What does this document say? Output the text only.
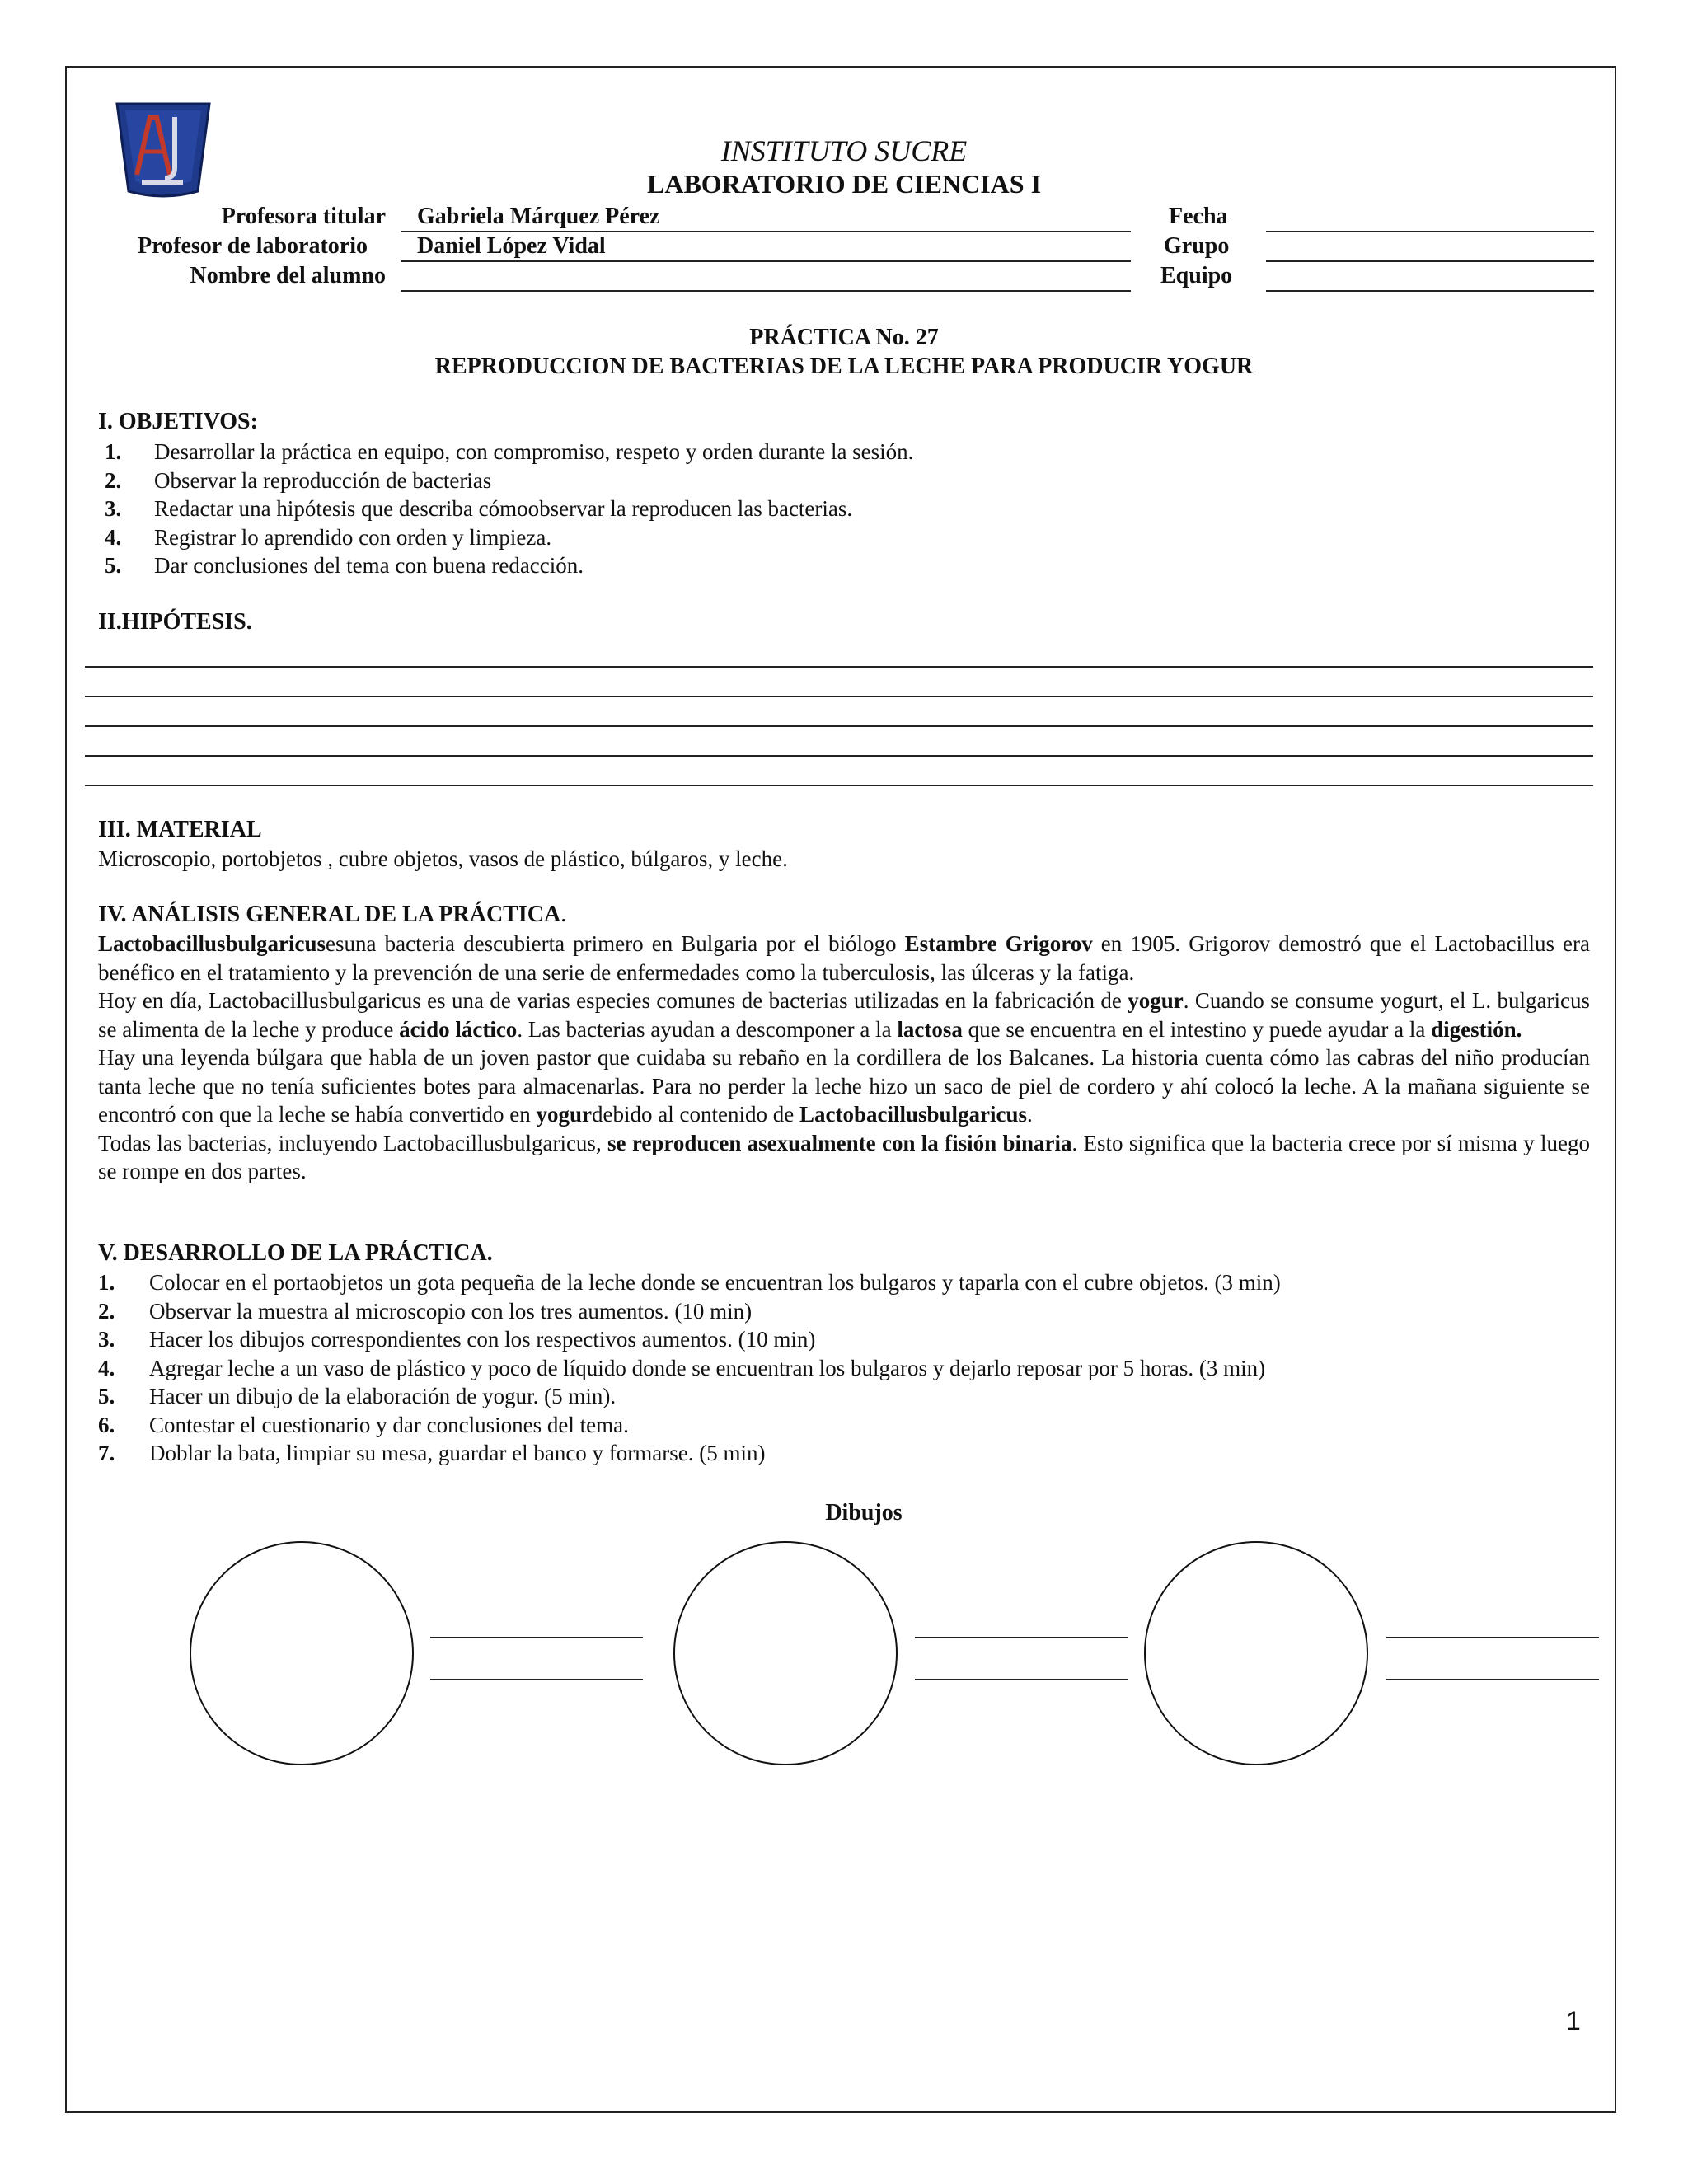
INSTITUTO SUCRE
LABORATORIO DE CIENCIAS I
Profesora titular Gabriela Márquez Pérez
Profesor de laboratorio Daniel López Vidal
Nombre del alumno
Fecha
Grupo
Equipo
PRÁCTICA No. 27
REPRODUCCION DE BACTERIAS DE LA LECHE PARA PRODUCIR YOGUR
I. OBJETIVOS:
1. Desarrollar la práctica en equipo, con compromiso, respeto y orden durante la sesión.
2. Observar la reproducción de bacterias
3. Redactar una hipótesis que describa cómoobservar la reproducen las bacterias.
4. Registrar lo aprendido con orden y limpieza.
5. Dar conclusiones del tema con buena redacción.
II.HIPÓTESIS.
III. MATERIAL
Microscopio, portobjetos , cubre objetos, vasos de plástico, búlgaros, y leche.
IV. ANÁLISIS GENERAL DE LA PRÁCTICA.

Lactobacillusbulgaricusesuna bacteria descubierta primero en Bulgaria por el biólogo Estambre Grigorov en 1905. Grigorov demostró que el Lactobacillus era benéfico en el tratamiento y la prevención de una serie de enfermedades como la tuberculosis, las úlceras y la fatiga.

Hoy en día, Lactobacillusbulgaricus es una de varias especies comunes de bacterias utilizadas en la fabricación de yogur. Cuando se consume yogurt, el L. bulgaricus se alimenta de la leche y produce ácido láctico. Las bacterias ayudan a descomponer a la lactosa que se encuentra en el intestino y puede ayudar a la digestión.

Hay una leyenda búlgara que habla de un joven pastor que cuidaba su rebaño en la cordillera de los Balcanes. La historia cuenta cómo las cabras del niño producían tanta leche que no tenía suficientes botes para almacenarlas. Para no perder la leche hizo un saco de piel de cordero y ahí colocó la leche. A la mañana siguiente se encontró con que la leche se había convertido en yogurdebido al contenido de Lactobacillusbulgaricus.

Todas las bacterias, incluyendo Lactobacillusbulgaricus, se reproducen asexualmente con la fisión binaria. Esto significa que la bacteria crece por sí misma y luego se rompe en dos partes.

V. DESARROLLO DE LA PRÁCTICA.
1. Colocar en el portaobjetos un gota pequeña de la leche donde se encuentran los bulgaros y taparla con el cubre objetos. (3 min)
2. Observar la muestra al microscopio con los tres aumentos. (10 min)
3. Hacer los dibujos correspondientes con los respectivos aumentos. (10 min)
4. Agregar leche a un vaso de plástico y poco de líquido donde se encuentran los bulgaros y dejarlo reposar por 5 horas. (3 min)
5. Hacer un dibujo de la elaboración de yogur. (5 min).
6. Contestar el cuestionario y dar conclusiones del tema.
7. Doblar la bata, limpiar su mesa, guardar el banco y formarse. (5 min)
Dibujos
1
